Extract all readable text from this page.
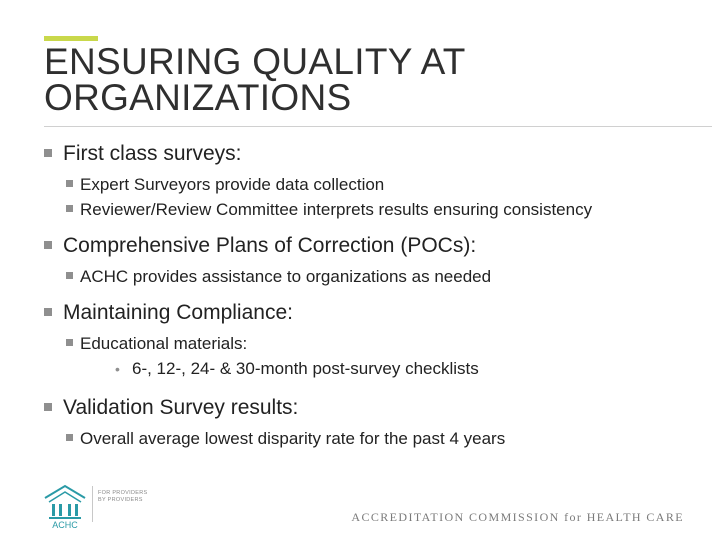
ENSURING QUALITY AT
ORGANIZATIONS
First class surveys:
Expert Surveyors provide data collection
Reviewer/Review Committee interprets results ensuring consistency
Comprehensive Plans of Correction (POCs):
ACHC provides assistance to organizations as needed
Maintaining Compliance:
Educational materials:
• 6-, 12-, 24- & 30-month post-survey checklists
Validation Survey results:
Overall average lowest disparity rate for the past 4 years
ACHC
FOR PROVIDERS
BY PROVIDERS
ACCREDITATION COMMISSION for HEALTH CARE
